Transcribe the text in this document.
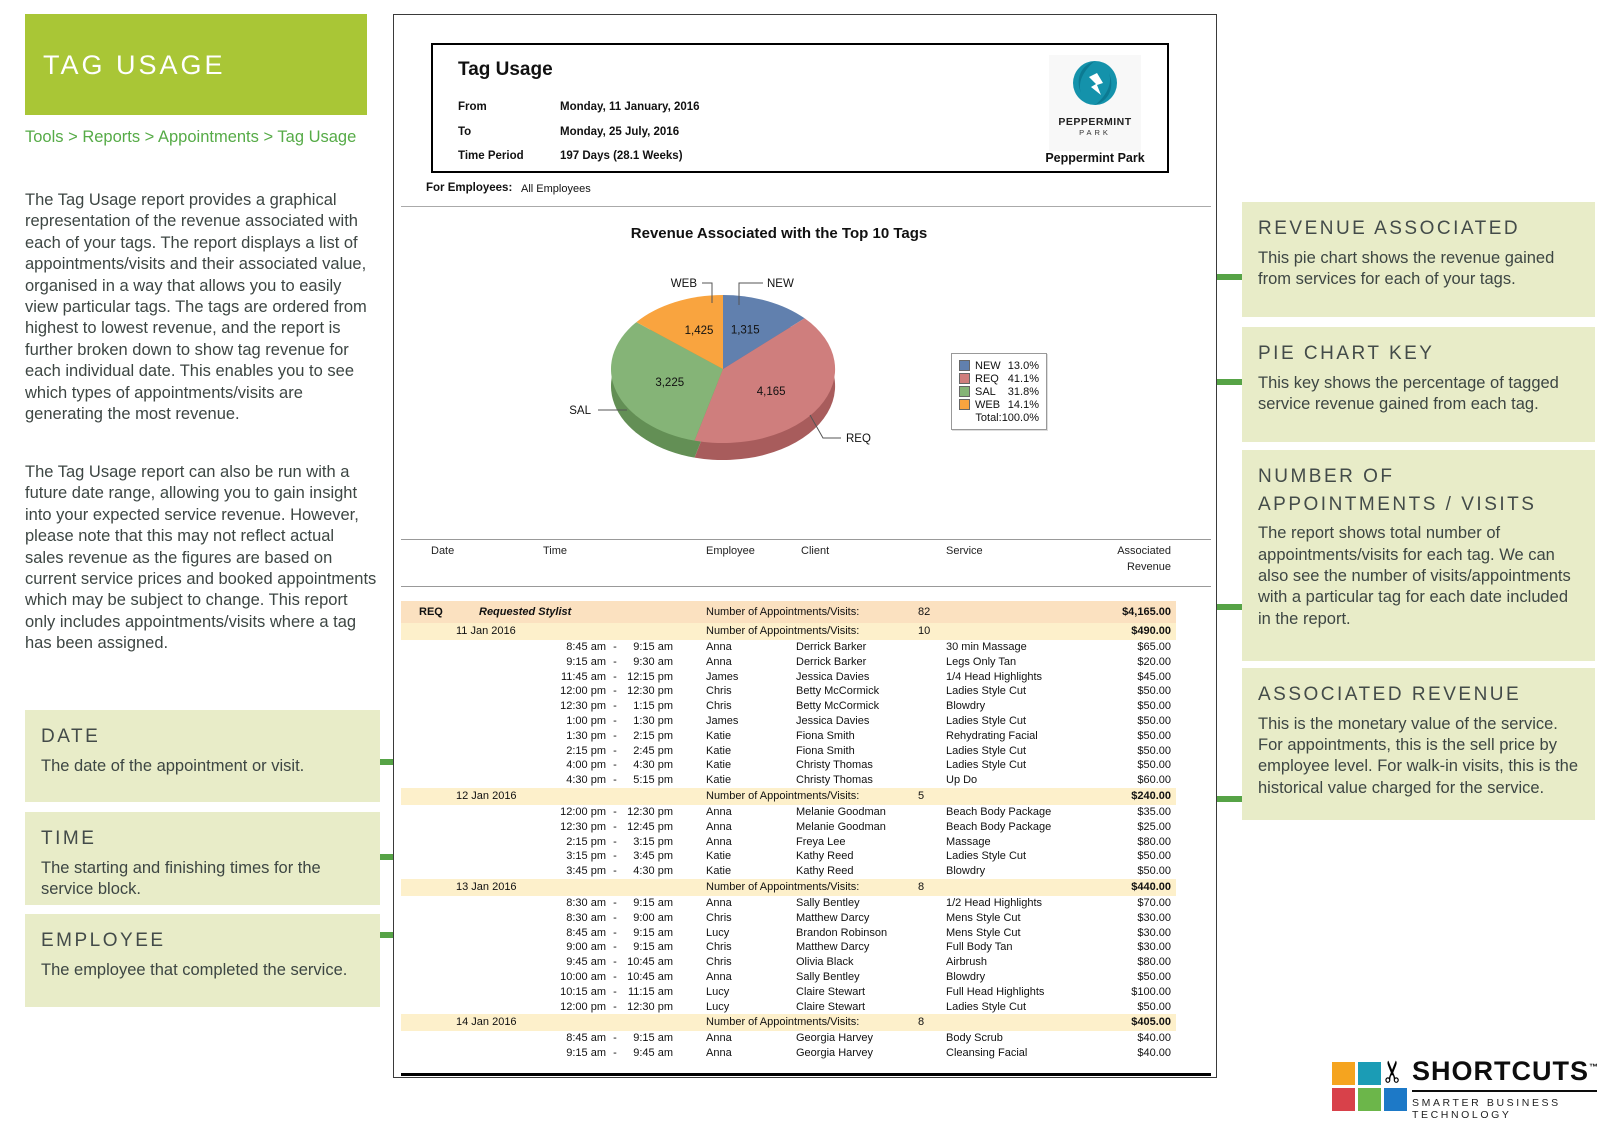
TAG USAGE
Tools > Reports > Appointments > Tag Usage
The Tag Usage report provides a graphical representation of the revenue associated with each of your tags. The report displays a list of appointments/visits and their associated value, organised in a way that allows you to easily view particular tags. The tags are ordered from highest to lowest revenue, and the report is further broken down to show tag revenue for each individual date. This enables you to see which types of appointments/visits are generating the most revenue.
The Tag Usage report can also be run with a future date range, allowing you to gain insight into your expected service revenue. However, please note that this may not reflect actual sales revenue as the figures are based on current service prices and booked appointments which may be subject to change. This report only includes appointments/visits where a tag has been assigned.
DATE

The date of the appointment or visit.

TIME

The starting and finishing times for the service block.

EMPLOYEE

The employee that completed the service.

REVENUE ASSOCIATED

This pie chart shows the revenue gained from services for each of your tags.

PIE CHART KEY

This key shows the percentage of tagged service revenue gained from each tag.

NUMBER OF APPOINTMENTS / VISITS

The report shows total number of appointments/visits for each tag. We can also see the number of visits/appointments with a particular tag for each date included in the report.

ASSOCIATED REVENUE

This is the monetary value of the service. For appointments, this is the sell price by employee level. For walk-in visits, this is the historical value charged for the service.

Tag Usage
From	Monday, 11 January, 2016
To	Monday, 25 July, 2016
Time Period	197 Days (28.1 Weeks)
PEPPERMINT
PARK
Peppermint Park
For Employees: All Employees
Revenue Associated with the Top 10 Tags
1,315
4,165
3,225
1,425
NEW
REQ
SAL
WEB
NEW 13.0%
REQ 41.1%
SAL	31.8%
WEB 14.1%
Total: 100.0%
Date	Time	Employee	Client	Service	Associated
Revenue
REQ	Requested Stylist	Number of Appointments/Visits:	82	$4,165.00
11 Jan 2016	Number of Appointments/Visits:	10	$490.00
8:45 am -	9:15 am	Anna	Derrick Barker	30 min Massage	$65.00
9:15 am -	9:30 am	Anna	Derrick Barker	Legs Only Tan	$20.00
11:45 am - 12:15 pm	James	Jessica Davies	1/4 Head Highlights	$45.00
12:00 pm - 12:30 pm	Chris	Betty McCormick	Ladies Style Cut	$50.00
12:30 pm -	1:15 pm	Chris	Betty McCormick	Blowdry	$50.00
1:00 pm -	1:30 pm	James	Jessica Davies	Ladies Style Cut	$50.00
1:30 pm -	2:15 pm	Katie	Fiona Smith	Rehydrating Facial	$50.00
2:15 pm -	2:45 pm	Katie	Fiona Smith	Ladies Style Cut	$50.00
4:00 pm -	4:30 pm	Katie	Christy Thomas	Ladies Style Cut	$50.00
4:30 pm -	5:15 pm	Katie	Christy Thomas	Up Do	$60.00
12 Jan 2016	Number of Appointments/Visits:	5	$240.00
12:00 pm - 12:30 pm	Anna	Melanie Goodman	Beach Body Package	$35.00
12:30 pm - 12:45 pm	Anna	Melanie Goodman	Beach Body Package	$25.00
2:15 pm -	3:15 pm	Anna	Freya Lee	Massage	$80.00
3:15 pm -	3:45 pm	Katie	Kathy Reed	Ladies Style Cut	$50.00
3:45 pm -	4:30 pm	Katie	Kathy Reed	Blowdry	$50.00
13 Jan 2016	Number of Appointments/Visits:	8	$440.00
8:30 am -	9:15 am	Anna	Sally Bentley	1/2 Head Highlights	$70.00
8:30 am -	9:00 am	Chris	Matthew Darcy	Mens Style Cut	$30.00
8:45 am -	9:15 am	Lucy	Brandon Robinson	Mens Style Cut	$30.00
9:00 am -	9:15 am	Chris	Matthew Darcy	Full Body Tan	$30.00
9:45 am - 10:45 am	Chris	Olivia Black	Airbrush	$80.00
10:00 am - 10:45 am	Anna	Sally Bentley	Blowdry	$50.00
10:15 am -	11:15 am	Lucy	Claire Stewart	Full Head Highlights	$100.00
12:00 pm - 12:30 pm	Lucy	Claire Stewart	Ladies Style Cut	$50.00
14 Jan 2016	Number of Appointments/Visits:	8	$405.00
8:45 am -	9:15 am	Anna	Georgia Harvey	Body Scrub	$40.00
9:15 am -	9:45 am	Anna	Georgia Harvey	Cleansing Facial	$40.00
✂ SHORTCUTS™
SMARTER BUSINESS TECHNOLOGY
